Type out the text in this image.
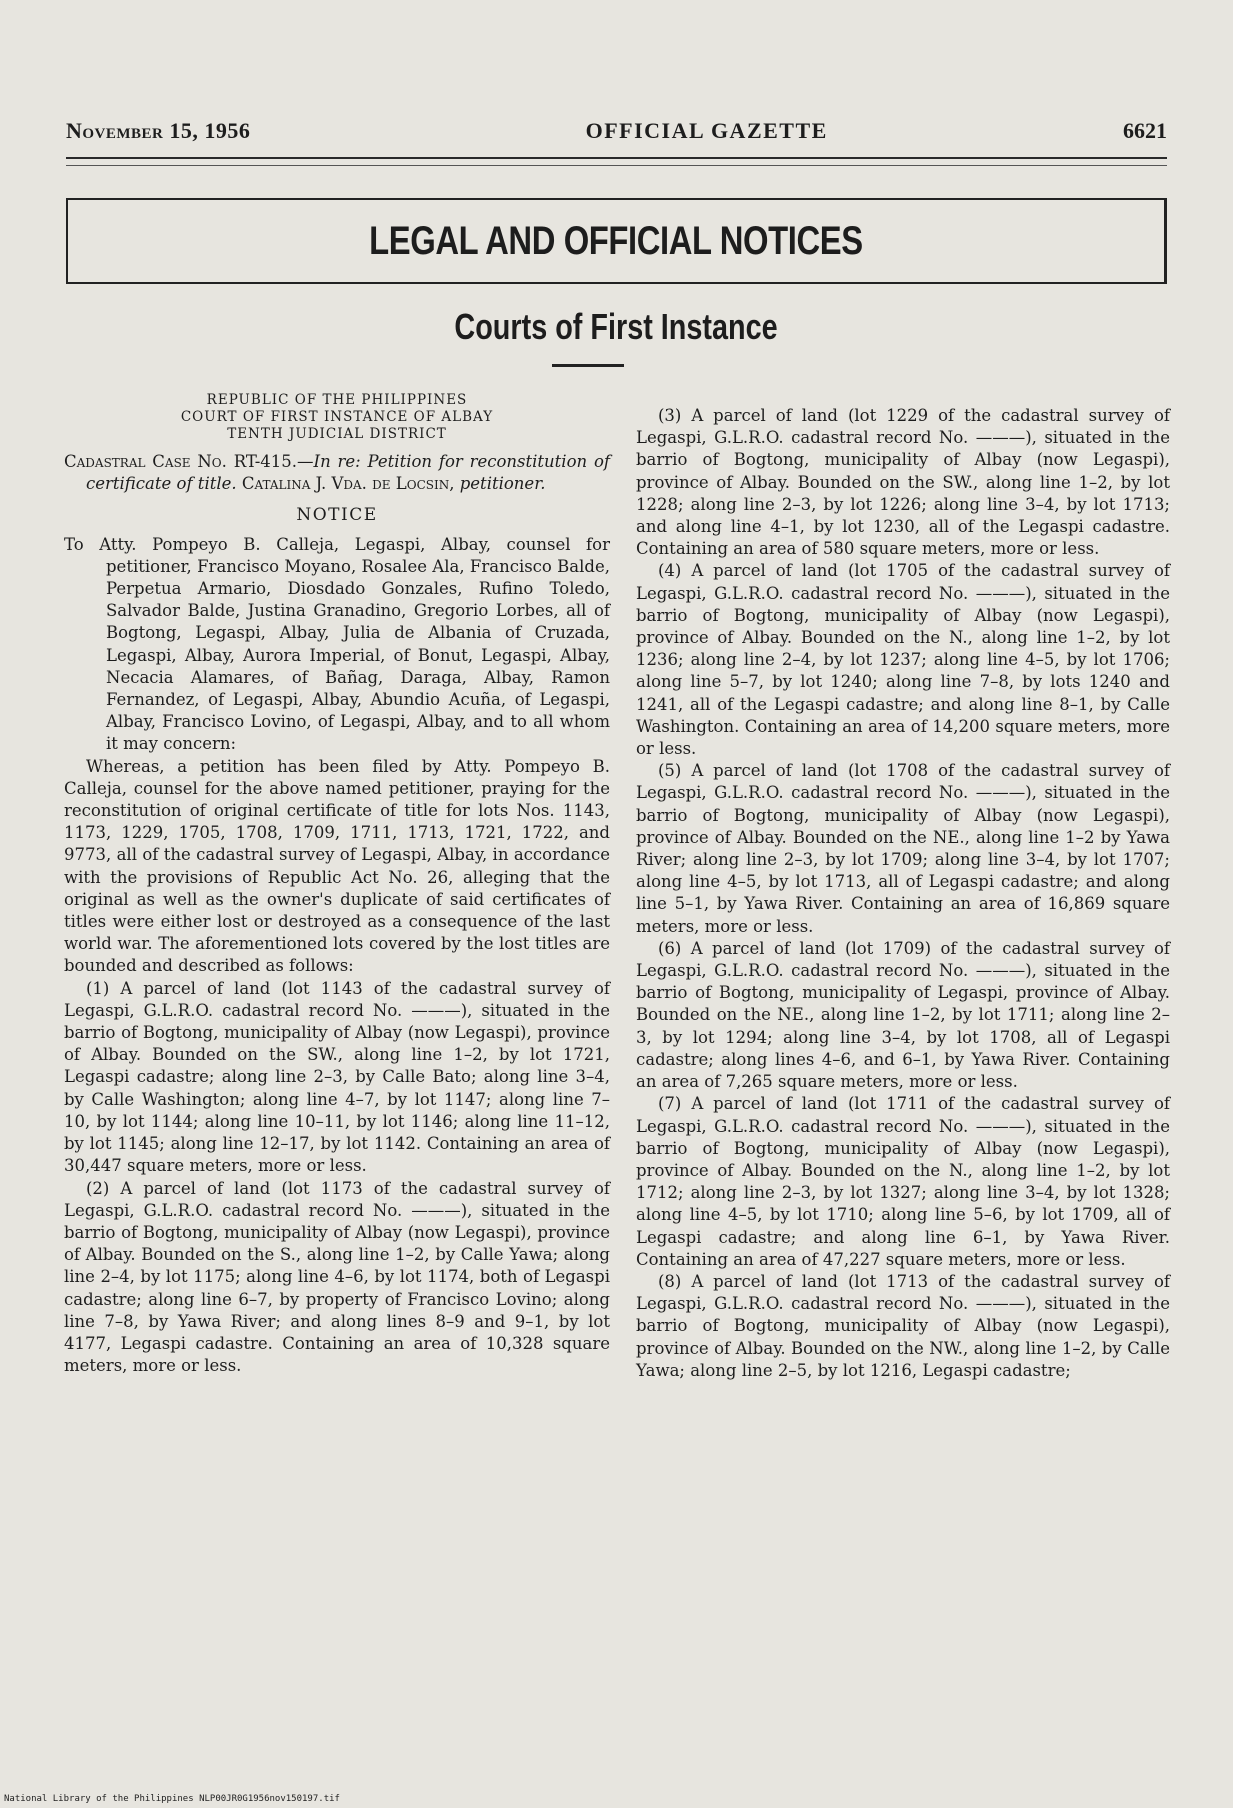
November 15, 1956	OFFICIAL GAZETTE	6621
LEGAL AND OFFICIAL NOTICES
Courts of First Instance
REPUBLIC OF THE PHILIPPINES
COURT OF FIRST INSTANCE OF ALBAY
TENTH JUDICIAL DISTRICT

Cadastral Case No. RT-415.—In re: Petition for reconstitution of certificate of title. Catalina J. Vda. de Locsin, petitioner.

NOTICE

To Atty. Pompeyo B. Calleja, Legaspi, Albay, counsel for petitioner, Francisco Moyano, Rosalee Ala, Francisco Balde, Perpetua Armario, Diosdado Gonzales, Rufino Toledo, Salvador Balde, Justina Granadino, Gregorio Lorbes, all of Bogtong, Legaspi, Albay, Julia de Albania of Cruzada, Legaspi, Albay, Aurora Imperial, of Bonut, Legaspi, Albay, Necacia Alamares, of Bañag, Daraga, Albay, Ramon Fernandez, of Legaspi, Albay, Abundio Acuña, of Legaspi, Albay, Francisco Lovino, of Legaspi, Albay, and to all whom it may concern:

Whereas, a petition has been filed by Atty. Pompeyo B. Calleja, counsel for the above named petitioner, praying for the reconstitution of original certificate of title for lots Nos. 1143, 1173, 1229, 1705, 1708, 1709, 1711, 1713, 1721, 1722, and 9773, all of the cadastral survey of Legaspi, Albay, in accordance with the provisions of Republic Act No. 26, alleging that the original as well as the owner's duplicate of said certificates of titles were either lost or destroyed as a consequence of the last world war. The aforementioned lots covered by the lost titles are bounded and described as follows:

(1) A parcel of land (lot 1143 of the cadastral survey of Legaspi, G.L.R.O. cadastral record No. ———), situated in the barrio of Bogtong, municipality of Albay (now Legaspi), province of Albay. Bounded on the SW., along line 1–2, by lot 1721, Legaspi cadastre; along line 2–3, by Calle Bato; along line 3–4, by Calle Washington; along line 4–7, by lot 1147; along line 7–10, by lot 1144; along line 10–11, by lot 1146; along line 11–12, by lot 1145; along line 12–17, by lot 1142. Containing an area of 30,447 square meters, more or less.

(2) A parcel of land (lot 1173 of the cadastral survey of Legaspi, G.L.R.O. cadastral record No. ———), situated in the barrio of Bogtong, municipality of Albay (now Legaspi), province of Albay. Bounded on the S., along line 1–2, by Calle Yawa; along line 2–4, by lot 1175; along line 4–6, by lot 1174, both of Legaspi cadastre; along line 6–7, by property of Francisco Lovino; along line 7–8, by Yawa River; and along lines 8–9 and 9–1, by lot 4177, Legaspi cadastre. Containing an area of 10,328 square meters, more or less.

(3) A parcel of land (lot 1229 of the cadastral survey of Legaspi, G.L.R.O. cadastral record No. ———), situated in the barrio of Bogtong, municipality of Albay (now Legaspi), province of Albay. Bounded on the SW., along line 1–2, by lot 1228; along line 2–3, by lot 1226; along line 3–4, by lot 1713; and along line 4–1, by lot 1230, all of the Legaspi cadastre. Containing an area of 580 square meters, more or less.

(4) A parcel of land (lot 1705 of the cadastral survey of Legaspi, G.L.R.O. cadastral record No. ———), situated in the barrio of Bogtong, municipality of Albay (now Legaspi), province of Albay. Bounded on the N., along line 1–2, by lot 1236; along line 2–4, by lot 1237; along line 4–5, by lot 1706; along line 5–7, by lot 1240; along line 7–8, by lots 1240 and 1241, all of the Legaspi cadastre; and along line 8–1, by Calle Washington. Containing an area of 14,200 square meters, more or less.

(5) A parcel of land (lot 1708 of the cadastral survey of Legaspi, G.L.R.O. cadastral record No. ———), situated in the barrio of Bogtong, municipality of Albay (now Legaspi), province of Albay. Bounded on the NE., along line 1–2 by Yawa River; along line 2–3, by lot 1709; along line 3–4, by lot 1707; along line 4–5, by lot 1713, all of Legaspi cadastre; and along line 5–1, by Yawa River. Containing an area of 16,869 square meters, more or less.

(6) A parcel of land (lot 1709) of the cadastral survey of Legaspi, G.L.R.O. cadastral record No. ———), situated in the barrio of Bogtong, municipality of Legaspi, province of Albay. Bounded on the NE., along line 1–2, by lot 1711; along line 2–3, by lot 1294; along line 3–4, by lot 1708, all of Legaspi cadastre; along lines 4–6, and 6–1, by Yawa River. Containing an area of 7,265 square meters, more or less.

(7) A parcel of land (lot 1711 of the cadastral survey of Legaspi, G.L.R.O. cadastral record No. ———), situated in the barrio of Bogtong, municipality of Albay (now Legaspi), province of Albay. Bounded on the N., along line 1–2, by lot 1712; along line 2–3, by lot 1327; along line 3–4, by lot 1328; along line 4–5, by lot 1710; along line 5–6, by lot 1709, all of Legaspi cadastre; and along line 6–1, by Yawa River. Containing an area of 47,227 square meters, more or less.

(8) A parcel of land (lot 1713 of the cadastral survey of Legaspi, G.L.R.O. cadastral record No. ———), situated in the barrio of Bogtong, municipality of Albay (now Legaspi), province of Albay. Bounded on the NW., along line 1–2, by Calle Yawa; along line 2–5, by lot 1216, Legaspi cadastre;

National Library of the Philippines NLP00JR0G1956nov150197.tif
